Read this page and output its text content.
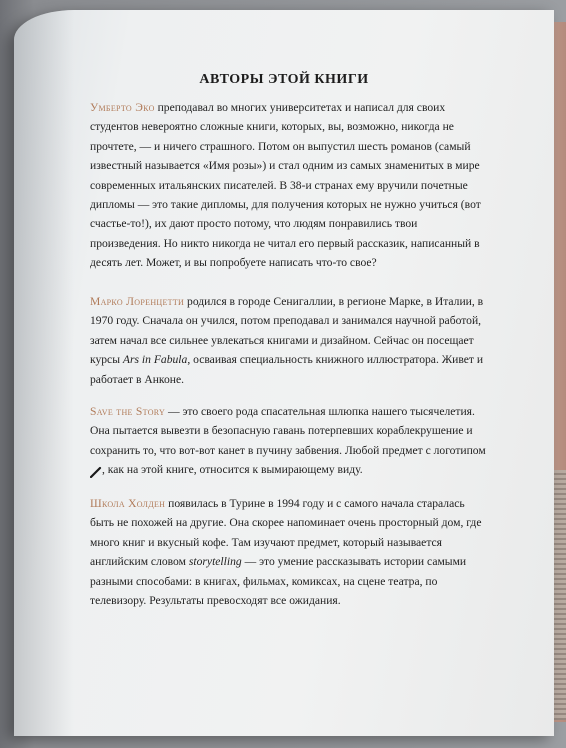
АВТОРЫ ЭТОЙ КНИГИ
Умберто Эко преподавал во многих университетах и написал для своих студентов невероятно сложные книги, которых, вы, возможно, никогда не прочтете, — и ничего страшного. Потом он выпустил шесть романов (самый известный называется «Имя розы») и стал одним из самых знаменитых в мире современных итальянских писателей. В 38-и странах ему вручили почетные дипломы — это такие дипломы, для получения которых не нужно учиться (вот счастье-то!), их дают просто потому, что людям понравились твои произведения. Но никто никогда не читал его первый рассказик, написанный в десять лет. Может, и вы попробуете написать что-то свое?
Марко Лоренцетти родился в городе Сенигаллии, в регионе Марке, в Италии, в 1970 году. Сначала он учился, потом преподавал и занимался научной работой, затем начал все сильнее увлекаться книгами и дизайном. Сейчас он посещает курсы Ars in Fabula, осваивая специальность книжного иллюстратора. Живет и работает в Анконе.
Save the Story — это своего рода спасательная шлюпка нашего тысячелетия. Она пытается вывезти в безопасную гавань потерпевших кораблекрушение и сохранить то, что вот-вот канет в пучину забвения. Любой предмет с логотипом , как на этой книге, относится к вымирающему виду.
Школа Холден появилась в Турине в 1994 году и с самого начала старалась быть не похожей на другие. Она скорее напоминает очень просторный дом, где много книг и вкусный кофе. Там изучают предмет, который называется английским словом storytelling — это умение рассказывать истории самыми разными способами: в книгах, фильмах, комиксах, на сцене театра, по телевизору. Результаты превосходят все ожидания.
